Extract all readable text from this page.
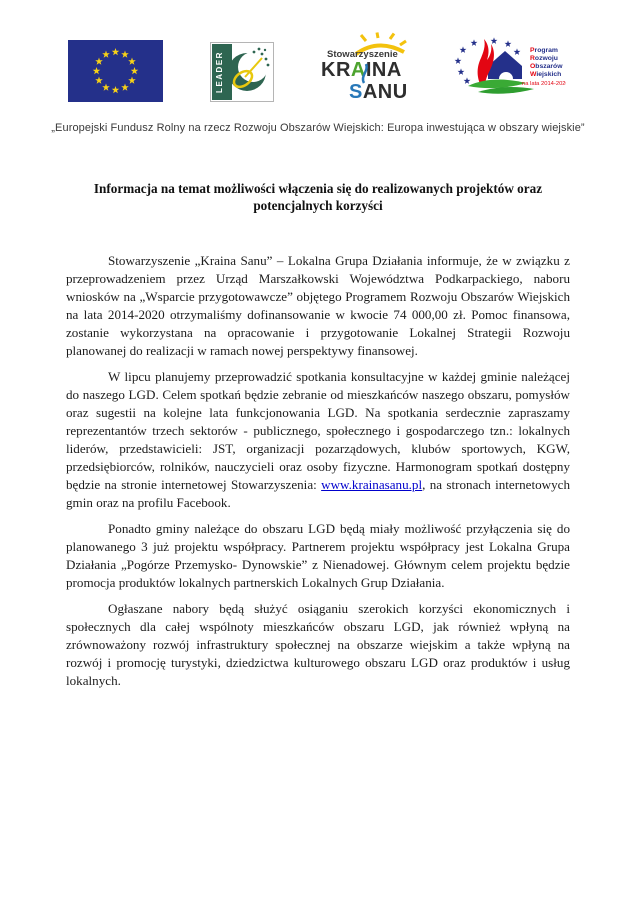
LEADER	Stowarzyszenie
KRAINA
SANU
Program
Rozwoju
Obszarów
Wiejskich
na lata 2014-2020
„Europejski Fundusz Rolny na rzecz Rozwoju Obszarów Wiejskich: Europa inwestująca w obszary wiejskie”
Informacja na temat możliwości włączenia się do realizowanych projektów oraz potencjalnych korzyści

Stowarzyszenie „Kraina Sanu” – Lokalna Grupa Działania informuje, że w związku z przeprowadzeniem przez Urząd Marszałkowski Województwa Podkarpackiego, naboru wniosków na „Wsparcie przygotowawcze” objętego Programem Rozwoju Obszarów Wiejskich na lata 2014-2020 otrzymaliśmy dofinansowanie w kwocie 74 000,00 zł. Pomoc finansowa, zostanie wykorzystana na opracowanie i przygotowanie Lokalnej Strategii Rozwoju planowanej do realizacji w ramach nowej perspektywy finansowej.

W lipcu planujemy przeprowadzić spotkania konsultacyjne w każdej gminie należącej do naszego LGD. Celem spotkań będzie zebranie od mieszkańców naszego obszaru, pomysłów oraz sugestii na kolejne lata funkcjonowania LGD. Na spotkania serdecznie zapraszamy reprezentantów trzech sektorów - publicznego, społecznego i gospodarczego tzn.: lokalnych liderów, przedstawicieli: JST, organizacji pozarządowych, klubów sportowych, KGW, przedsiębiorców, rolników, nauczycieli oraz osoby fizyczne. Harmonogram spotkań dostępny będzie na stronie internetowej Stowarzyszenia: www.krainasanu.pl, na stronach internetowych gmin oraz na profilu Facebook.

Ponadto gminy należące do obszaru LGD będą miały możliwość przyłączenia się do planowanego 3 już projektu współpracy. Partnerem projektu współpracy jest Lokalna Grupa Działania „Pogórze Przemysko- Dynowskie” z Nienadowej. Głównym celem projektu będzie promocja produktów lokalnych partnerskich Lokalnych Grup Działania.

Ogłaszane nabory będą służyć osiąganiu szerokich korzyści ekonomicznych i społecznych dla całej wspólnoty mieszkańców obszaru LGD, jak również wpłyną na zrównoważony rozwój infrastruktury społecznej na obszarze wiejskim a także wpłyną na rozwój i promocję turystyki, dziedzictwa kulturowego obszaru LGD oraz produktów i usług lokalnych.
